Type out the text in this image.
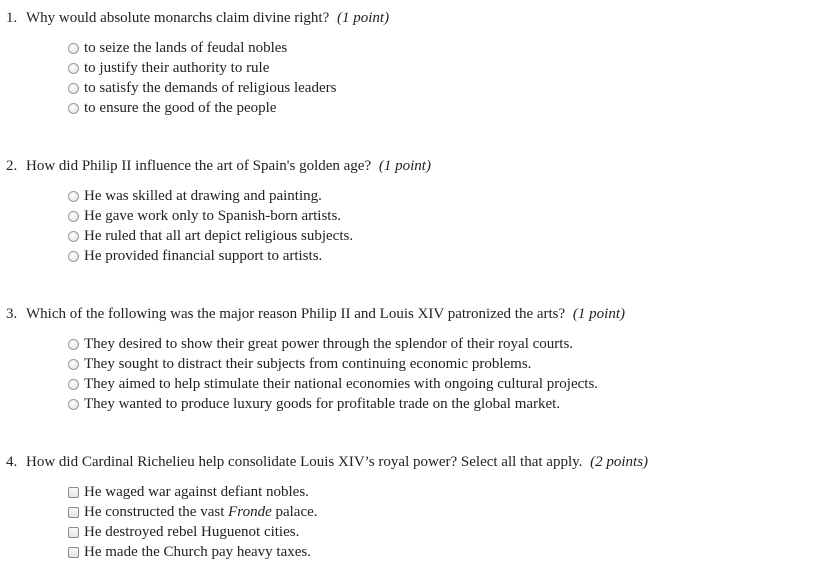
1. Why would absolute monarchs claim divine right? (1 point)
to seize the lands of feudal nobles
to justify their authority to rule
to satisfy the demands of religious leaders
to ensure the good of the people
2. How did Philip II influence the art of Spain's golden age? (1 point)
He was skilled at drawing and painting.
He gave work only to Spanish-born artists.
He ruled that all art depict religious subjects.
He provided financial support to artists.
3. Which of the following was the major reason Philip II and Louis XIV patronized the arts? (1 point)
They desired to show their great power through the splendor of their royal courts.
They sought to distract their subjects from continuing economic problems.
They aimed to help stimulate their national economies with ongoing cultural projects.
They wanted to produce luxury goods for profitable trade on the global market.
4. How did Cardinal Richelieu help consolidate Louis XIV’s royal power? Select all that apply. (2 points)
He waged war against defiant nobles.
He constructed the vast Fronde palace.
He destroyed rebel Huguenot cities.
He made the Church pay heavy taxes.
